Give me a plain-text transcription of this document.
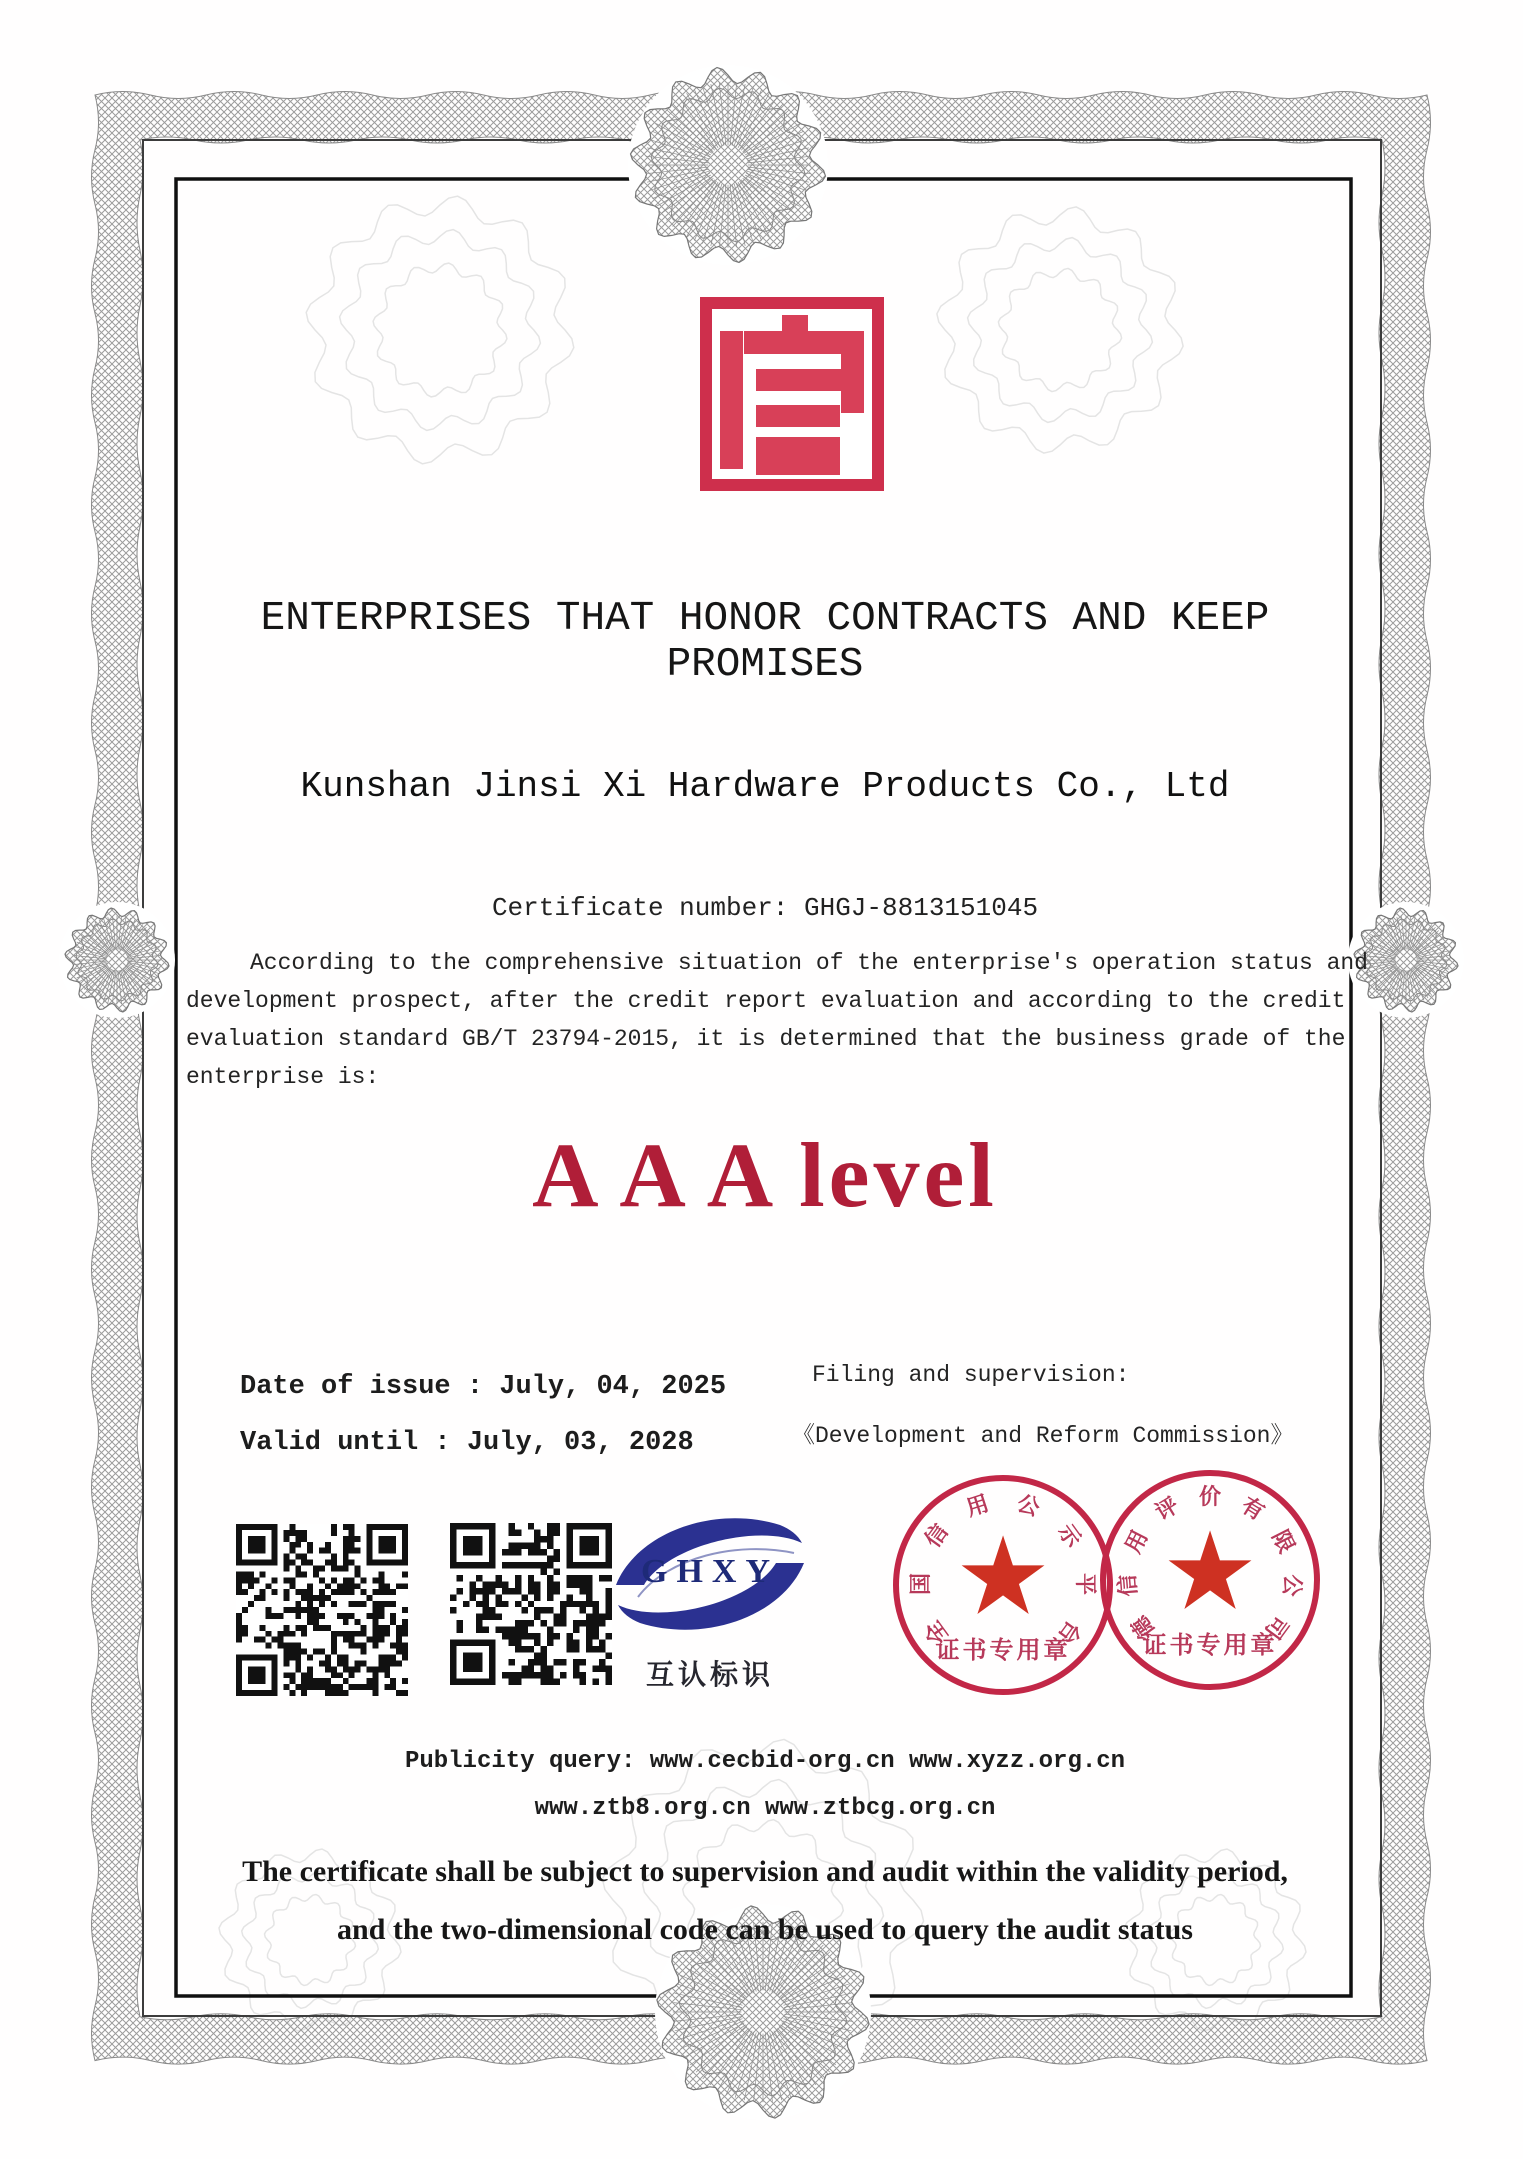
ENTERPRISES THAT HONOR CONTRACTS AND KEEP PROMISES
Kunshan Jinsi Xi Hardware Products Co., Ltd
Certificate number: GHGJ-8813151045
According to the comprehensive situation of the enterprise's operation status and development prospect, after the credit report evaluation and according to the credit evaluation standard GB/T 23794-2015, it is determined that the business grade of the enterprise is:
A A A level
Date of issue : July, 04, 2025
Valid until : July, 03, 2028
Filing and supervision:
《Development and Reform Commission》
GHXY
互认标识
全
国
信
用 公
示
平
台
★
证书专用章
德
信
用
评 价 有
限
公
司
★
证书专用章
Publicity query: www.cecbid-org.cn www.xyzz.org.cn
www.ztb8.org.cn www.ztbcg.org.cn
The certificate shall be subject to supervision and audit within the validity period,
and the two-dimensional code can be used to query the audit status
